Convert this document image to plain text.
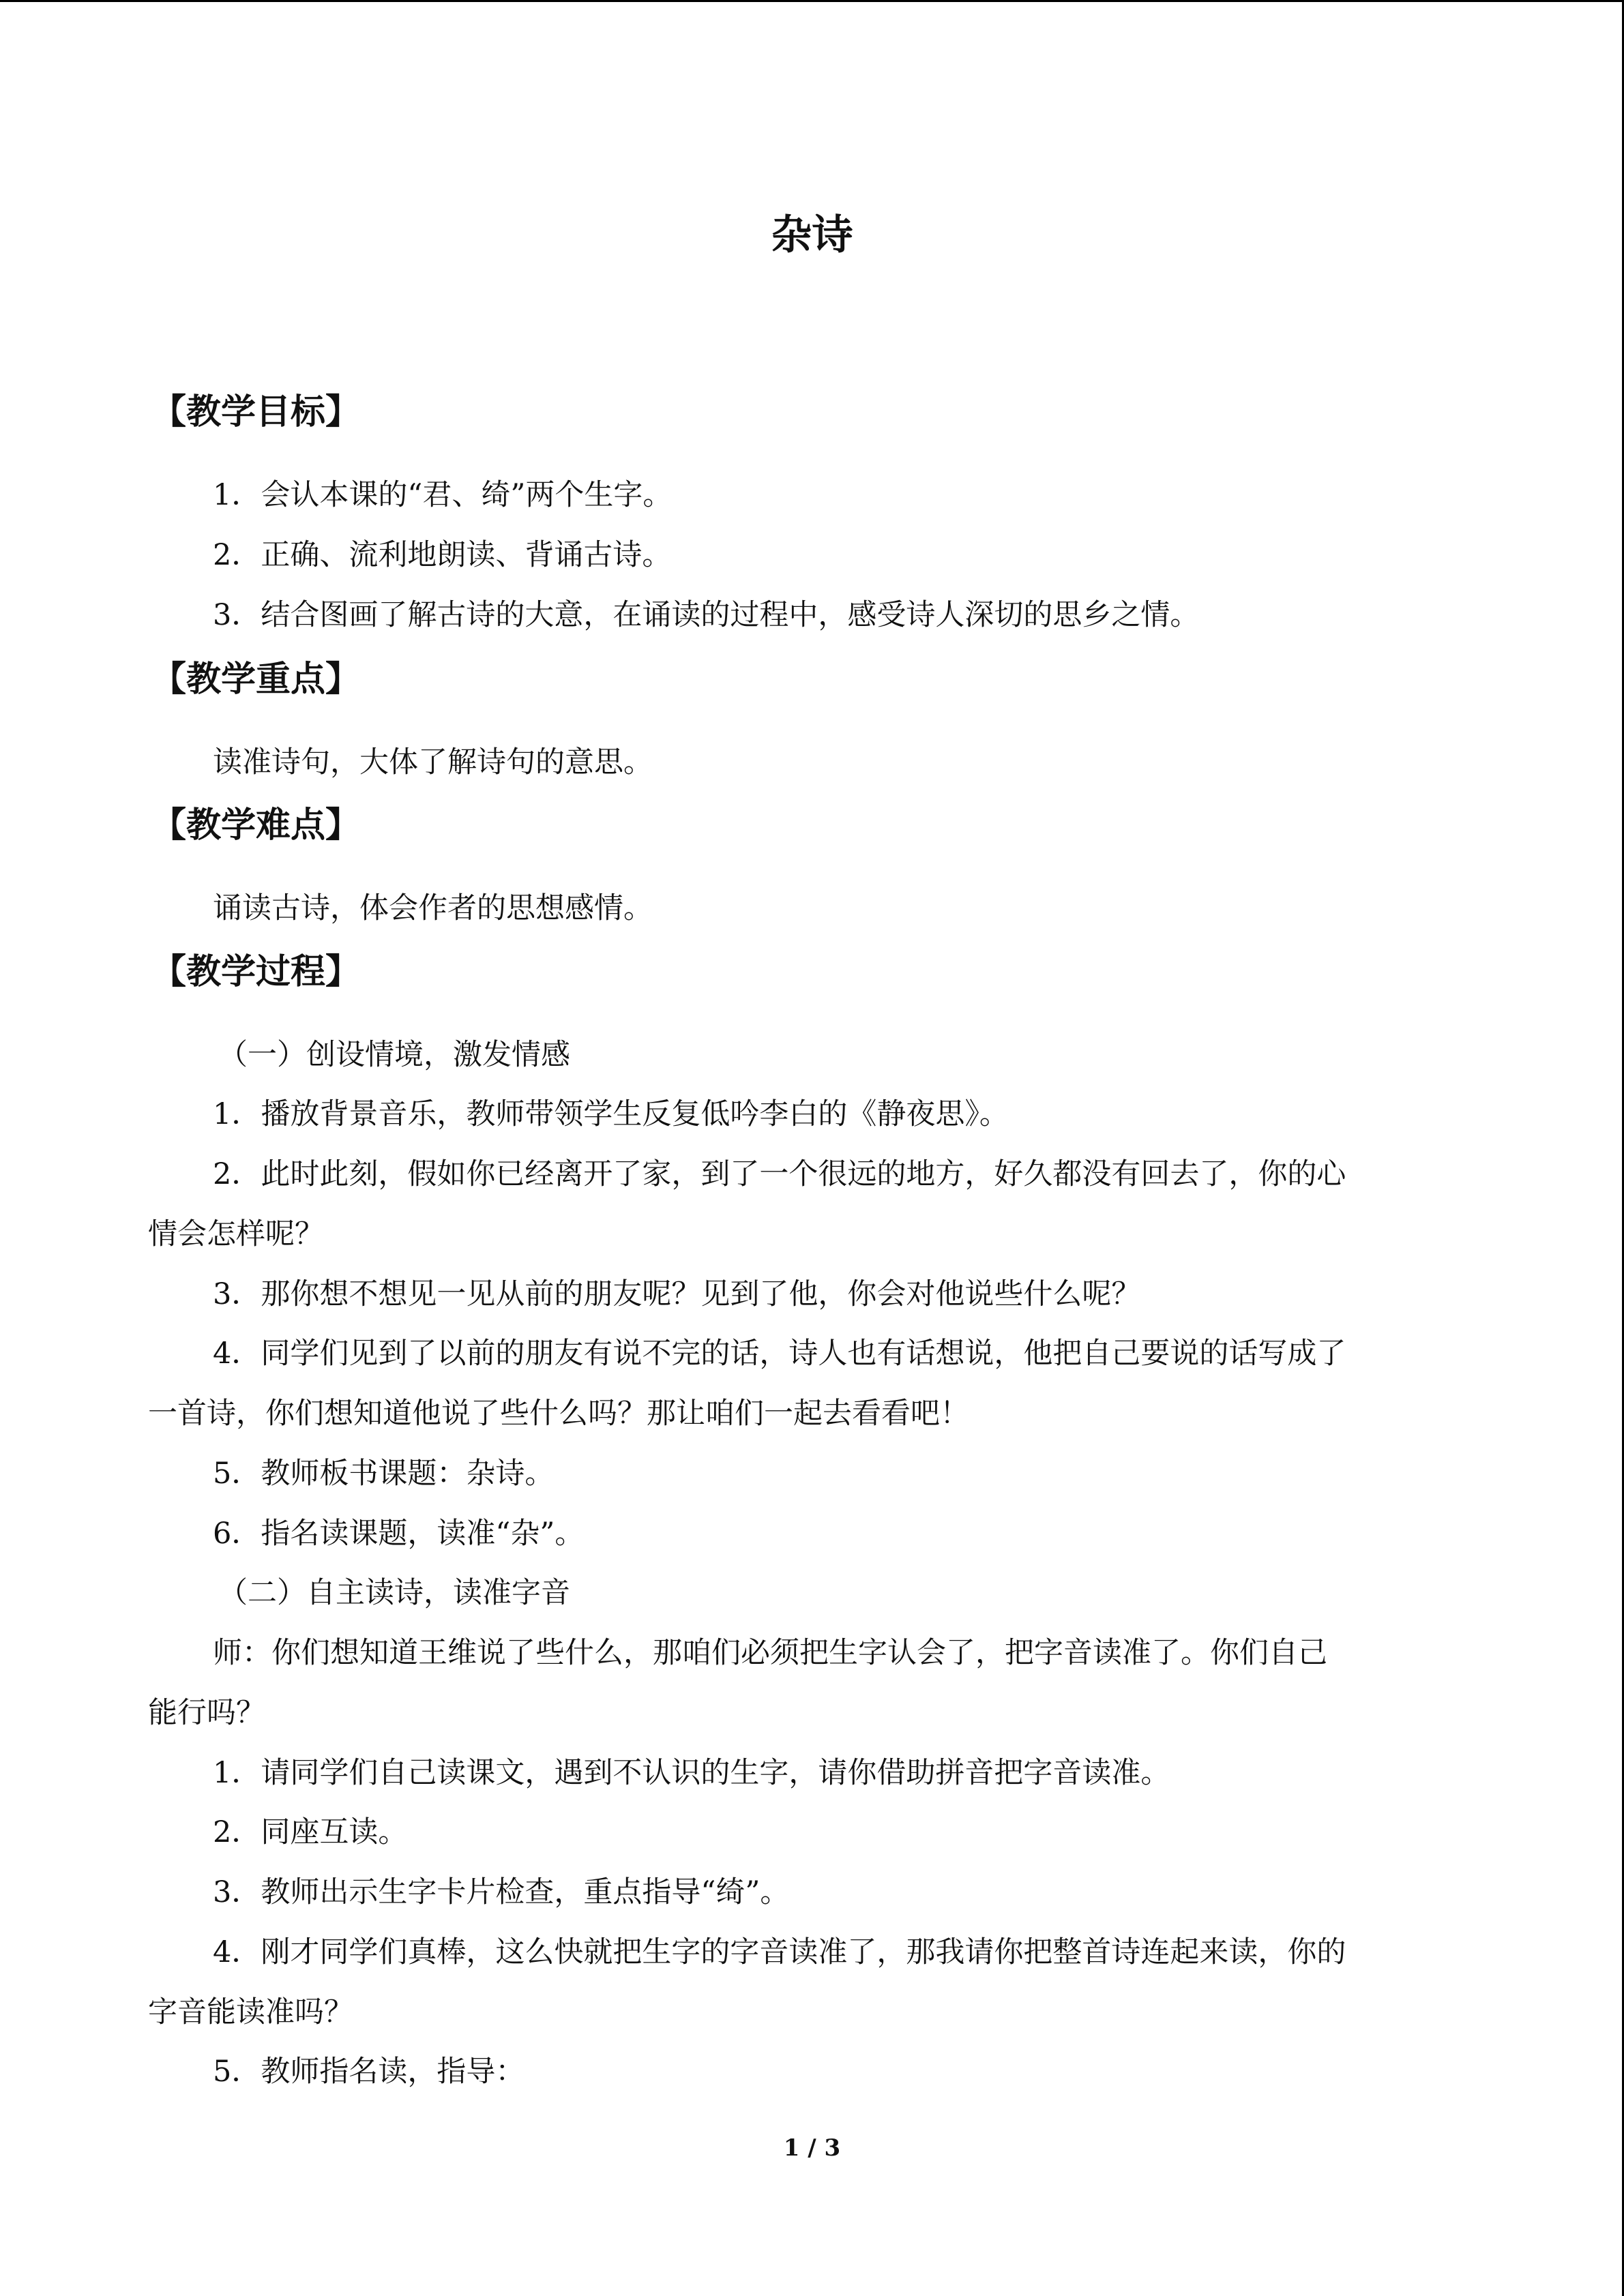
杂诗
【教学目标】
1．会认本课的“君、绮”两个生字。
2．正确、流利地朗读、背诵古诗。
3．结合图画了解古诗的大意，在诵读的过程中，感受诗人深切的思乡之情。
【教学重点】
读准诗句，大体了解诗句的意思。
【教学难点】
诵读古诗，体会作者的思想感情。
【教学过程】
（一）创设情境，激发情感
1．播放背景音乐，教师带领学生反复低吟李白的《静夜思》。
2．此时此刻，假如你已经离开了家，到了一个很远的地方，好久都没有回去了，你的心
情会怎样呢？
3．那你想不想见一见从前的朋友呢？见到了他，你会对他说些什么呢？
4．同学们见到了以前的朋友有说不完的话，诗人也有话想说，他把自己要说的话写成了
一首诗，你们想知道他说了些什么吗？那让咱们一起去看看吧！
5．教师板书课题：杂诗。
6．指名读课题，读准“杂”。
（二）自主读诗，读准字音
师：你们想知道王维说了些什么，那咱们必须把生字认会了，把字音读准了。你们自己
能行吗？
1．请同学们自己读课文，遇到不认识的生字，请你借助拼音把字音读准。
2．同座互读。
3．教师出示生字卡片检查，重点指导“绮”。
4．刚才同学们真棒，这么快就把生字的字音读准了，那我请你把整首诗连起来读，你的
字音能读准吗？
5．教师指名读，指导：
1 / 3
